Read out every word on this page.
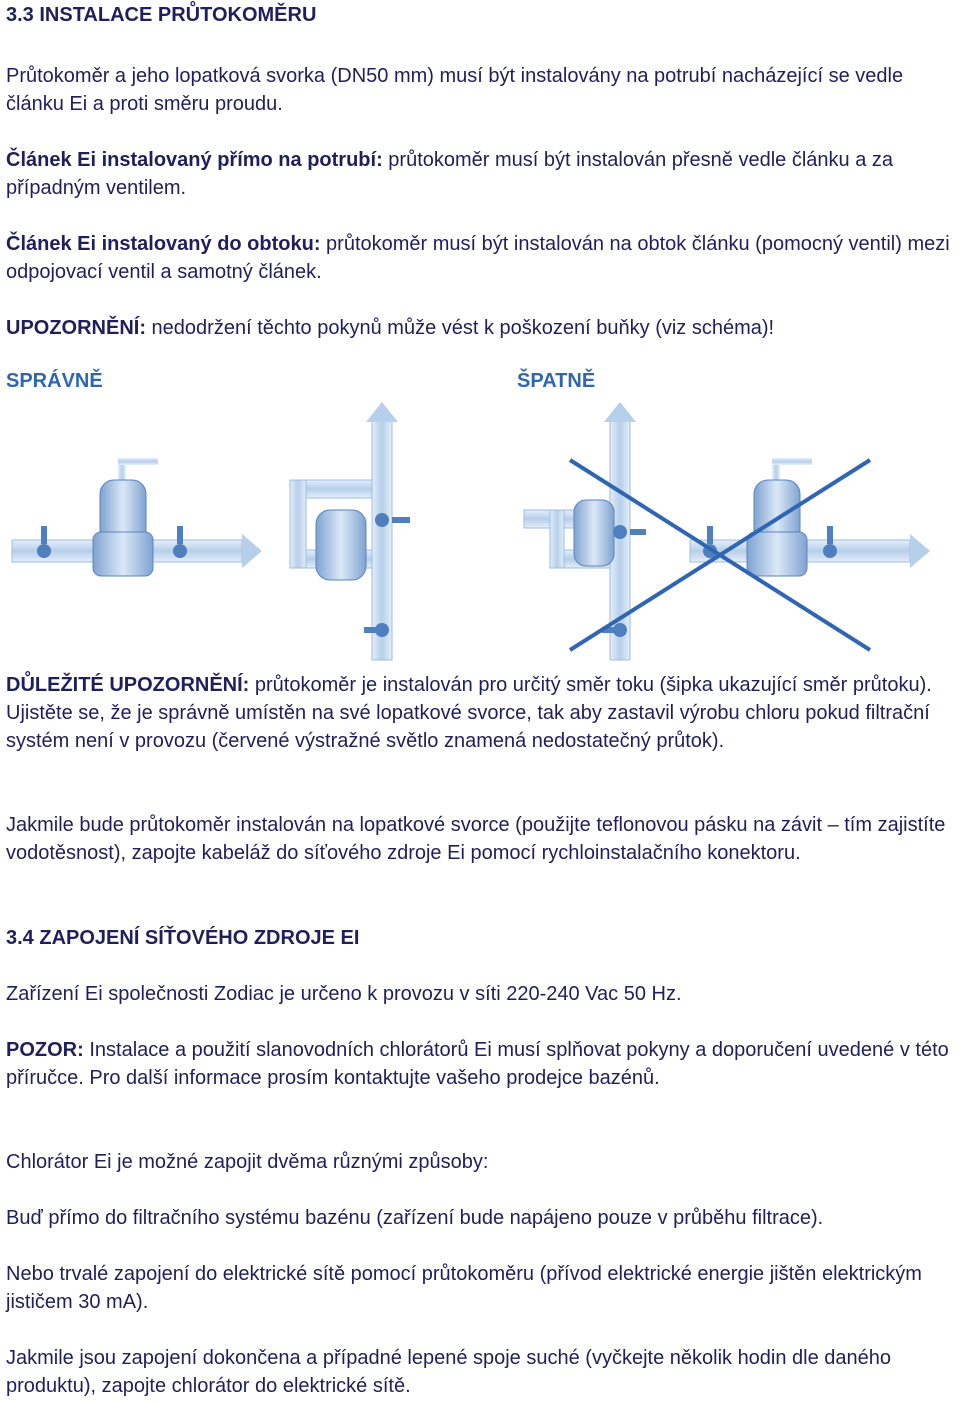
3.3 INSTALACE PRŮTOKOMĚRU

Průtokoměr a jeho lopatková svorka (DN50 mm) musí být instalovány na potrubí nacházející se vedle článku Ei a proti směru proudu.

Článek Ei instalovaný přímo na potrubí: průtokoměr musí být instalován přesně vedle článku a za případným ventilem.

Článek Ei instalovaný do obtoku: průtokoměr musí být instalován na obtok článku (pomocný ventil) mezi odpojovací ventil a samotný článek.

UPOZORNĚNÍ: nedodržení těchto pokynů může vést k poškození buňky (viz schéma)!

SPRÁVNĚ	ŠPATNĚ

DŮLEŽITÉ UPOZORNĚNÍ: průtokoměr je instalován pro určitý směr toku (šipka ukazující směr průtoku). Ujistěte se, že je správně umístěn na své lopatkové svorce, tak aby zastavil výrobu chloru pokud filtrační systém není v provozu (červené výstražné světlo znamená nedostatečný průtok).

Jakmile bude průtokoměr instalován na lopatkové svorce (použijte teflonovou pásku na závit – tím zajistíte vodotěsnost), zapojte kabeláž do síťového zdroje Ei pomocí rychloinstalačního konektoru.

3.4 ZAPOJENÍ SÍŤOVÉHO ZDROJE EI

Zařízení Ei společnosti Zodiac je určeno k provozu v síti 220-240 Vac 50 Hz.

POZOR: Instalace a použití slanovodních chlorátorů Ei musí splňovat pokyny a doporučení uvedené v této příručce. Pro další informace prosím kontaktujte vašeho prodejce bazénů.

Chlorátor Ei je možné zapojit dvěma různými způsoby:

Buď přímo do filtračního systému bazénu (zařízení bude napájeno pouze v průběhu filtrace).

Nebo trvalé zapojení do elektrické sítě pomocí průtokoměru (přívod elektrické energie jištěn elektrickým jističem 30 mA).

Jakmile jsou zapojení dokončena a případné lepené spoje suché (vyčkejte několik hodin dle daného produktu), zapojte chlorátor do elektrické sítě.
